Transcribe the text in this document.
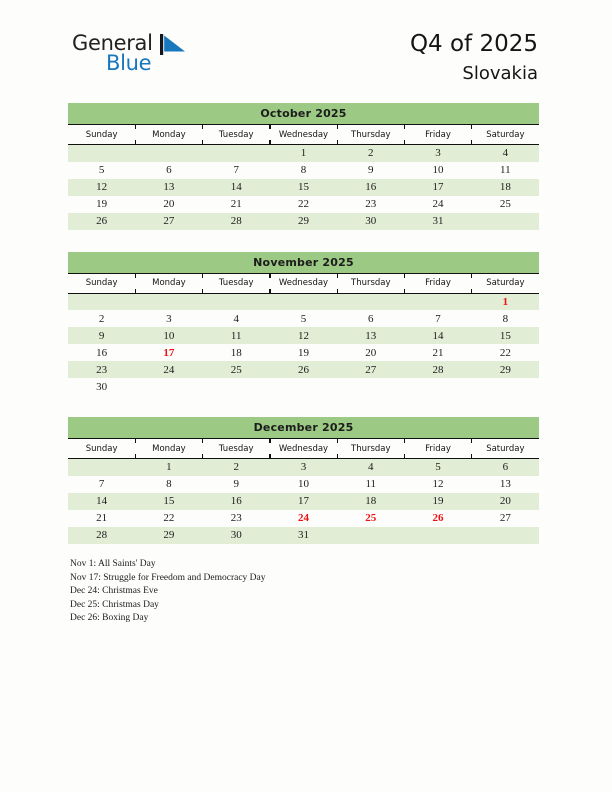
General
Blue
Q4 of 2025
Slovakia
October 2025
Sunday	Monday	Tuesday	Wednesday	Thursday	Friday	Saturday
			1	2	3	4
5	6	7	8	9	10	11
12	13	14	15	16	17	18
19	20	21	22	23	24	25
26	27	28	29	30	31	
November 2025
Sunday	Monday	Tuesday	Wednesday	Thursday	Friday	Saturday
						1
2	3	4	5	6	7	8
9	10	11	12	13	14	15
16	17	18	19	20	21	22
23	24	25	26	27	28	29
30						
December 2025
Sunday	Monday	Tuesday	Wednesday	Thursday	Friday	Saturday
	1	2	3	4	5	6
7	8	9	10	11	12	13
14	15	16	17	18	19	20
21	22	23	24	25	26	27
28	29	30	31			
Nov 1: All Saints' Day
Nov 17: Struggle for Freedom and Democracy Day
Dec 24: Christmas Eve
Dec 25: Christmas Day
Dec 26: Boxing Day
